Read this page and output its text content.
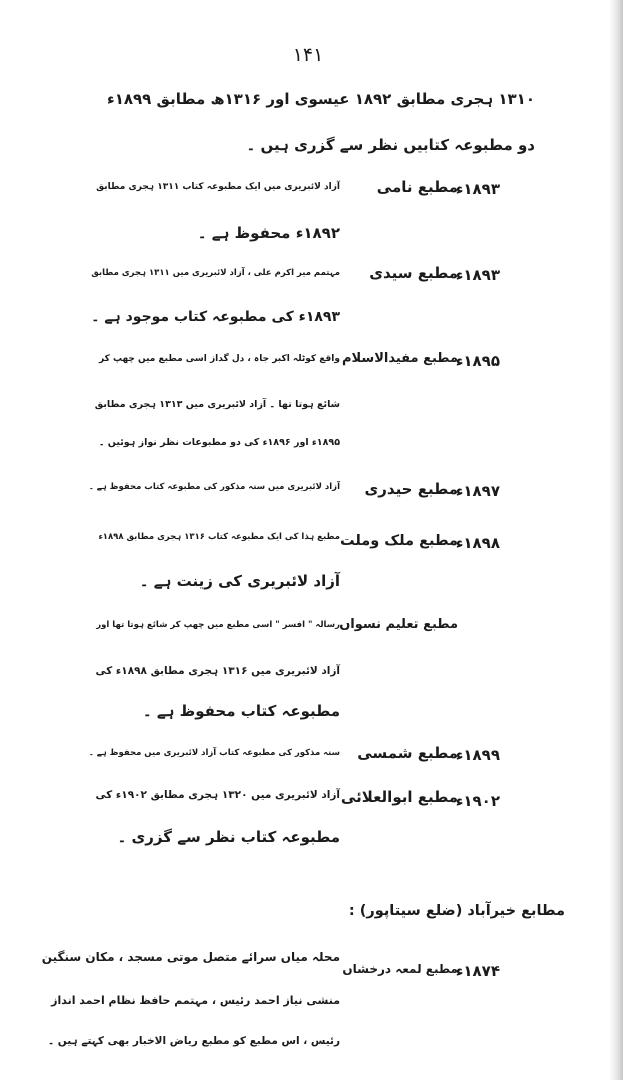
۱۴۱
۱۳۱۰ ہجری مطابق ۱۸۹۲ عیسوی اور ۱۳۱۶ھ مطابق ۱۸۹۹ء
دو مطبوعہ کتابیں نظر سے گزری ہیں ۔
۱۸۹۳ء
مطبع نامی
آزاد لائبریری میں ایک مطبوعہ کتاب ۱۳۱۱ ہجری مطابق
۱۸۹۲ء محفوظ ہے ۔
۱۸۹۳ء
مطبع سیدی
مہتمم میر اکرم علی ، آزاد لائبریری میں ۱۳۱۱ ہجری مطابق
۱۸۹۳ء کی مطبوعہ کتاب موجود ہے ۔
۱۸۹۵ء
مطبع مفیدالاسلام
واقع کوٹلہ اکبر جاہ ، دل گداز اسی مطبع میں چھپ کر
شائع ہوتا تھا ۔ آزاد لائبریری میں ۱۳۱۳ ہجری مطابق
۱۸۹۵ء اور ۱۸۹۶ء کی دو مطبوعات نظر نواز ہوئیں ۔
۱۸۹۷ء
مطبع حیدری
آزاد لائبریری میں سنہ مذکور کی مطبوعہ کتاب محفوظ ہے ۔
۱۸۹۸ء
مطبع ملک وملت
مطبع ہذا کی ایک مطبوعہ کتاب ۱۳۱۶ ہجری مطابق ۱۸۹۸ء
آزاد لائبریری کی زینت ہے ۔
مطبع تعلیم نسواں
رسالہ " افسر " اسی مطبع میں چھپ کر شائع ہوتا تھا اور
آزاد لائبریری میں ۱۳۱۶ ہجری مطابق ۱۸۹۸ء کی
مطبوعہ کتاب محفوظ ہے ۔
۱۸۹۹ء
مطبع شمسی
سنہ مذکور کی مطبوعہ کتاب آزاد لائبریری میں محفوظ ہے ۔
۱۹۰۲ء
مطبع ابوالعلائی
آزاد لائبریری میں ۱۳۲۰ ہجری مطابق ۱۹۰۲ء کی
مطبوعہ کتاب نظر سے گزری ۔
مطابع خیرآباد (ضلع سیتاپور) :
۱۸۷۴ء
مطبع لمعہ درخشاں
محلہ میاں سرائے متصل موتی مسجد ، مکان سنگین
منشی نیاز احمد رئیس ، مہتمم حافظ نظام احمد انداز
رئیس ، اس مطبع کو مطبع ریاض الاخبار بھی کہتے ہیں ۔
